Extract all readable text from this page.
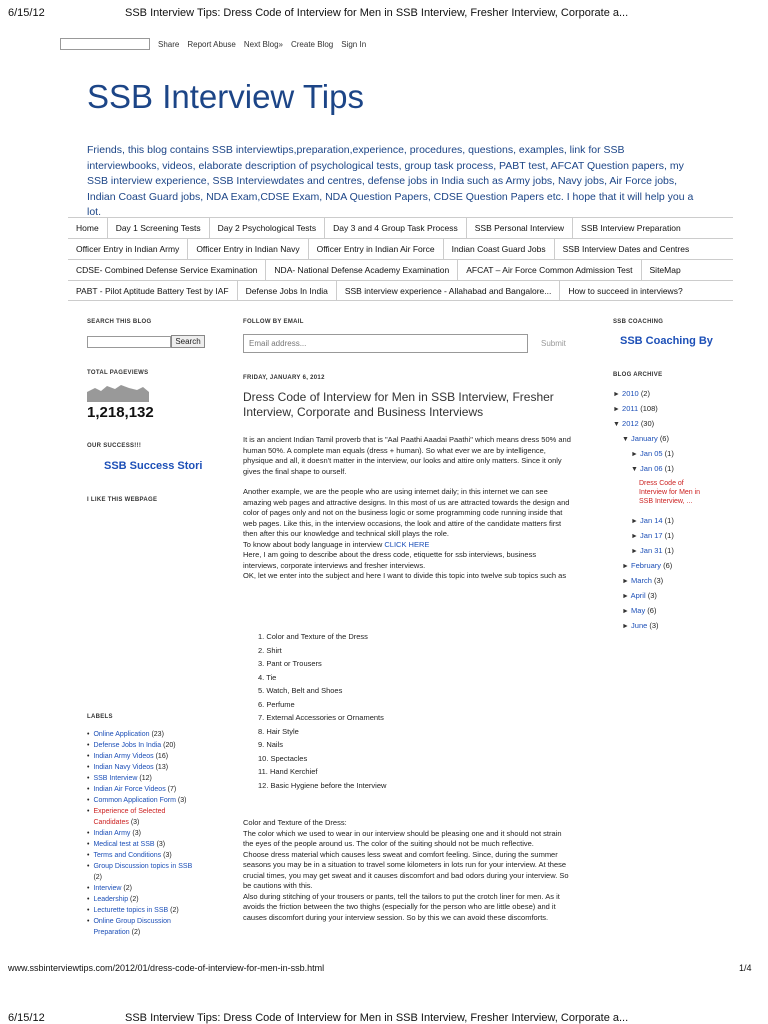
6/15/12	SSB Interview Tips: Dress Code of Interview for Men in SSB Interview, Fresher Interview, Corporate a...
Share Report Abuse Next Blog» Create Blog Sign In
SSB Interview Tips
Friends, this blog contains SSB interviewtips,preparation,experience, procedures, questions, examples, link for SSB interviewbooks, videos, elaborate description of psychological tests, group task process, PABT test, AFCAT Question papers, my SSB interview experience, SSB Interviewdates and centres, defense jobs in India such as Army jobs, Navy jobs, Air Force jobs, Indian Coast Guard jobs, NDA Exam,CDSE Exam, NDA Question Papers, CDSE Question Papers etc. I hope that it will help you a lot.
Home	Day 1 Screening Tests	Day 2 Psychological Tests	Day 3 and 4 Group Task Process	SSB Personal Interview	SSB Interview Preparation
Officer Entry in Indian Army	Officer Entry in Indian Navy	Officer Entry in Indian Air Force	Indian Coast Guard Jobs	SSB Interview Dates and Centres
CDSE- Combined Defense Service Examination	NDA- National Defense Academy Examination	AFCAT – Air Force Common Admission Test	SiteMap
PABT - Pilot Aptitude Battery Test by IAF	Defense Jobs In India	SSB interview experience - Allahabad and Bangalore...	How to succeed in interviews?
SEARCH THIS BLOG
Search
TOTAL PAGEVIEWS
1,218,132
OUR SUCCESS!!!
SSB Success Stori
I LIKE THIS WEBPAGE
LABELS
• Online Application (23)
• Defense Jobs In India (20)
• Indian Army Videos (16)
• Indian Navy Videos (13)
• SSB Interview (12)
• Indian Air Force Videos (7)
• Common Application Form (3)
• Experience of Selected Candidates (3)
• Indian Army (3)
• Medical test at SSB (3)
• Terms and Conditions (3)
• Group Discussion topics in SSB (2)
• Interview (2)
• Leadership (2)
• Lecturette topics in SSB (2)
• Online Group Discussion Preparation (2)
FOLLOW BY EMAIL
Email address...	Submit
FRIDAY, JANUARY 6, 2012
Dress Code of Interview for Men in SSB Interview, Fresher Interview, Corporate and Business Interviews

It is an ancient Indian Tamil proverb that is "Aal Paathi Aaadai Paathi" which means dress 50% and human 50%. A complete man equals (dress + human). So what ever we are by intelligence, physique and all, it doesn't matter in the interview, our looks and attire only matters. Since it only gives the final shape to ourself.

Another example, we are the people who are using internet daily; in this internet we can see amazing web pages and attractive designs. In this most of us are attracted towards the design and color of pages only and not on the business logic or some programming code running inside that web pages. Like this, in the interview occasions, the look and attire of the candidate matters first then after this our knowledge and technical skill plays the role.

To know about body language in interview CLICK HERE

Here, I am going to describe about the dress code, etiquette for ssb interviews, business interviews, corporate interviews and fresher interviews.

OK, let we enter into the subject and here I want to divide this topic into twelve sub topics such as

1. Color and Texture of the Dress
2. Shirt
3. Pant or Trousers
4. Tie
5. Watch, Belt and Shoes
6. Perfume
7. External Accessories or Ornaments
8. Hair Style
9. Nails
10. Spectacles
11. Hand Kerchief
12. Basic Hygiene before the Interview

Color and Texture of the Dress:

The color which we used to wear in our interview should be pleasing one and it should not strain the eyes of the people around us. The color of the suiting should not be much reflective.

Choose dress material which causes less sweat and comfort feeling. Since, during the summer seasons you may be in a situation to travel some kilometers in lots run for your interview. At these crucial times, you may get sweat and it causes discomfort and bad odors during your interview. So be cautions with this.

Also during stitching of your trousers or pants, tell the tailors to put the crotch liner for men. As it avoids the friction between the two thighs (especially for the person who are little obese) and it causes discomfort during your interview session. So by this we can avoid these discomforts.

SSB COACHING
SSB Coaching By
BLOG ARCHIVE
► 2010 (2)
► 2011 (108)
▼ 2012 (30)
▼ January (6)
► Jan 05 (1)
▼ Jan 06 (1)
Dress Code of Interview for Men in SSB Interview, ...
► Jan 14 (1)
► Jan 17 (1)
► Jan 31 (1)
► February (6)
► March (3)
► April (3)
► May (6)
► June (3)
www.ssbinterviewtips.com/2012/01/dress-code-of-interview-for-men-in-ssb.html	1/4
6/15/12	SSB Interview Tips: Dress Code of Interview for Men in SSB Interview, Fresher Interview, Corporate a...
